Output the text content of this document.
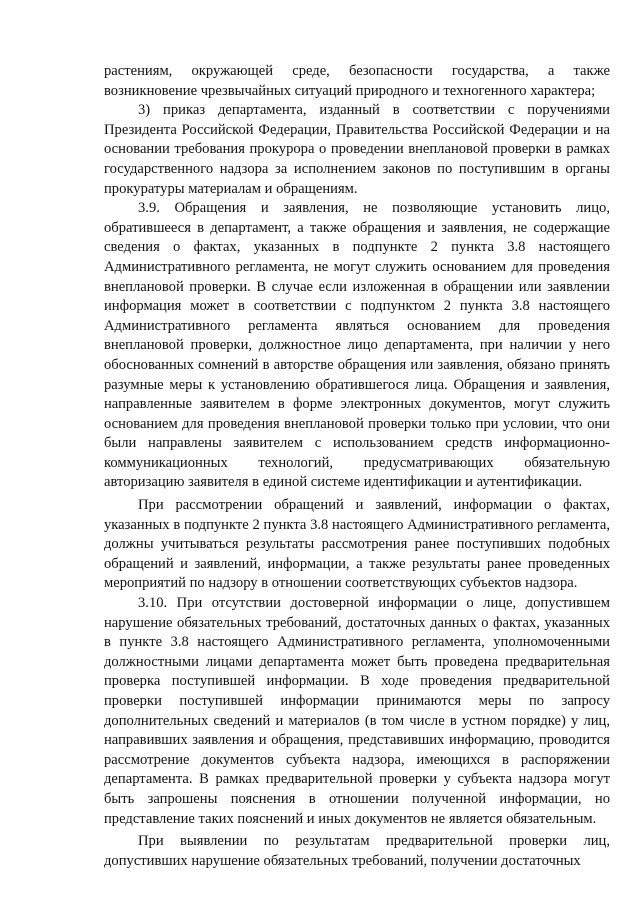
растениям, окружающей среде, безопасности государства, а также возникновение чрезвычайных ситуаций природного и техногенного характера;

3) приказ департамента, изданный в соответствии с поручениями Президента Российской Федерации, Правительства Российской Федерации и на основании требования прокурора о проведении внеплановой проверки в рамках государственного надзора за исполнением законов по поступившим в органы прокуратуры материалам и обращениям.

3.9. Обращения и заявления, не позволяющие установить лицо, обратившееся в департамент, а также обращения и заявления, не содержащие сведения о фактах, указанных в подпункте 2 пункта 3.8 настоящего Административного регламента, не могут служить основанием для проведения внеплановой проверки. В случае если изложенная в обращении или заявлении информация может в соответствии с подпунктом 2 пункта 3.8 настоящего Административного регламента являться основанием для проведения внеплановой проверки, должностное лицо департамента, при наличии у него обоснованных сомнений в авторстве обращения или заявления, обязано принять разумные меры к установлению обратившегося лица. Обращения и заявления, направленные заявителем в форме электронных документов, могут служить основанием для проведения внеплановой проверки только при условии, что они были направлены заявителем с использованием средств информационно-коммуникационных технологий, предусматривающих обязательную авторизацию заявителя в единой системе идентификации и аутентификации.

При рассмотрении обращений и заявлений, информации о фактах, указанных в подпункте 2 пункта 3.8 настоящего Административного регламента, должны учитываться результаты рассмотрения ранее поступивших подобных обращений и заявлений, информации, а также результаты ранее проведенных мероприятий по надзору в отношении соответствующих субъектов надзора.

3.10. При отсутствии достоверной информации о лице, допустившем нарушение обязательных требований, достаточных данных о фактах, указанных в пункте 3.8 настоящего Административного регламента, уполномоченными должностными лицами департамента может быть проведена предварительная проверка поступившей информации. В ходе проведения предварительной проверки поступившей информации принимаются меры по запросу дополнительных сведений и материалов (в том числе в устном порядке) у лиц, направивших заявления и обращения, представивших информацию, проводится рассмотрение документов субъекта надзора, имеющихся в распоряжении департамента. В рамках предварительной проверки у субъекта надзора могут быть запрошены пояснения в отношении полученной информации, но представление таких пояснений и иных документов не является обязательным.

При выявлении по результатам предварительной проверки лиц, допустивших нарушение обязательных требований, получении достаточных
